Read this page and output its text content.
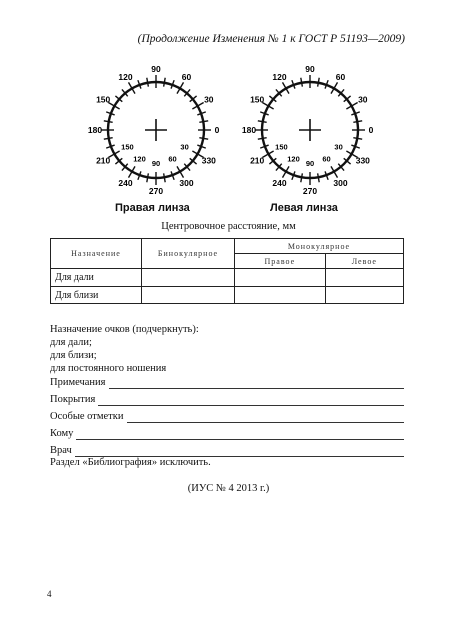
(Продолжение Изменения № 1 к ГОСТ Р 51193—2009)
90
60
30
0
330
300
270
240
210
180
150
120
150
120 90 60
30
90
60
30
0
330
300
270
240
210
180
150
120
150
120 90 60
30
Правая линза	Левая линза
Центровочное расстояние, мм
Назначение	Бинокулярное	Монокулярное	
		Правое	Левое
Для дали			
Для близи			
Назначение очков (подчеркнуть):
для дали;
для близи;
для постоянного ношения
Примечания
Покрытия
Особые отметки
Кому
Врач
Раздел «Библиография» исключить.
(ИУС № 4 2013 г.)
4
